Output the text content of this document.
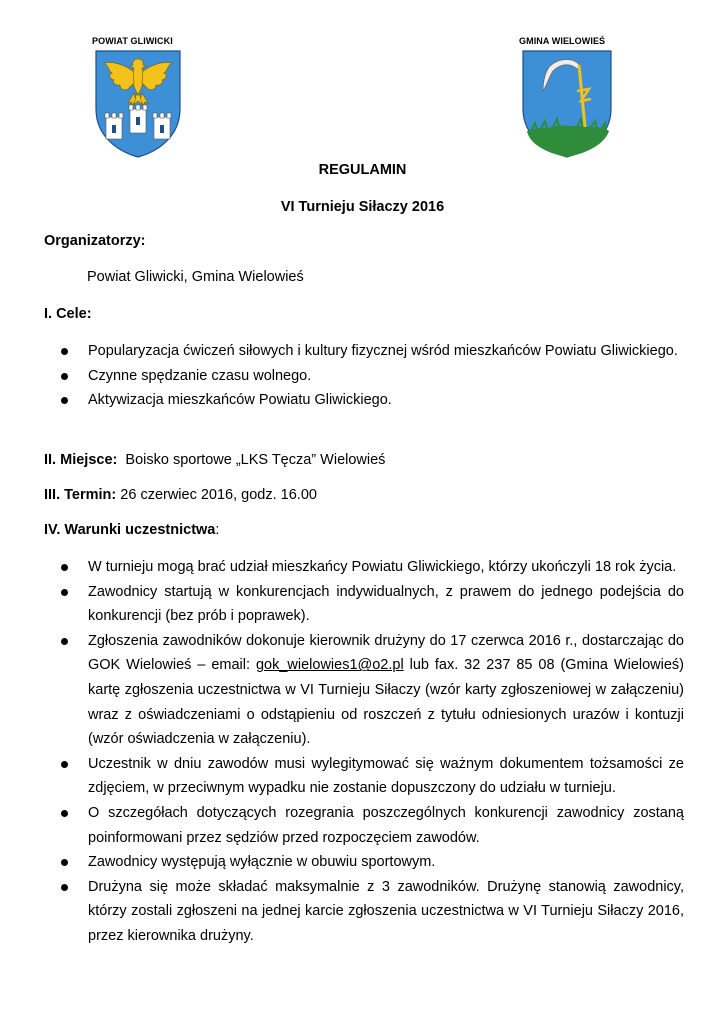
POWIAT GLIWICKI	GMINA WIELOWIEŚ
REGULAMIN
VI Turnieju Siłaczy 2016
Organizatorzy:
Powiat Gliwicki, Gmina Wielowieś
I. Cele:
Popularyzacja ćwiczeń siłowych i kultury fizycznej wśród mieszkańców Powiatu Gliwickiego.
Czynne spędzanie czasu wolnego.
Aktywizacja mieszkańców Powiatu Gliwickiego.
II. Miejsce: Boisko sportowe „LKS Tęcza” Wielowieś
III. Termin: 26 czerwiec 2016, godz. 16.00
IV. Warunki uczestnictwa:
W turnieju mogą brać udział mieszkańcy Powiatu Gliwickiego, którzy ukończyli 18 rok życia.
Zawodnicy startują w konkurencjach indywidualnych, z prawem do jednego podejścia do konkurencji (bez prób i poprawek).
Zgłoszenia zawodników dokonuje kierownik drużyny do 17 czerwca 2016 r., dostarczając do GOK Wielowieś – email: gok_wielowies1@o2.pl lub fax. 32 237 85 08 (Gmina Wielowieś) kartę zgłoszenia uczestnictwa w VI Turnieju Siłaczy (wzór karty zgłoszeniowej w załączeniu) wraz z oświadczeniami o odstąpieniu od roszczeń z tytułu odniesionych urazów i kontuzji (wzór oświadczenia w załączeniu).
Uczestnik w dniu zawodów musi wylegitymować się ważnym dokumentem tożsamości ze zdjęciem, w przeciwnym wypadku nie zostanie dopuszczony do udziału w turnieju.
O szczegółach dotyczących rozegrania poszczególnych konkurencji zawodnicy zostaną poinformowani przez sędziów przed rozpoczęciem zawodów.
Zawodnicy występują wyłącznie w obuwiu sportowym.
Drużyna się może składać maksymalnie z 3 zawodników. Drużynę stanowią zawodnicy, którzy zostali zgłoszeni na jednej karcie zgłoszenia uczestnictwa w VI Turnieju Siłaczy 2016, przez kierownika drużyny.
